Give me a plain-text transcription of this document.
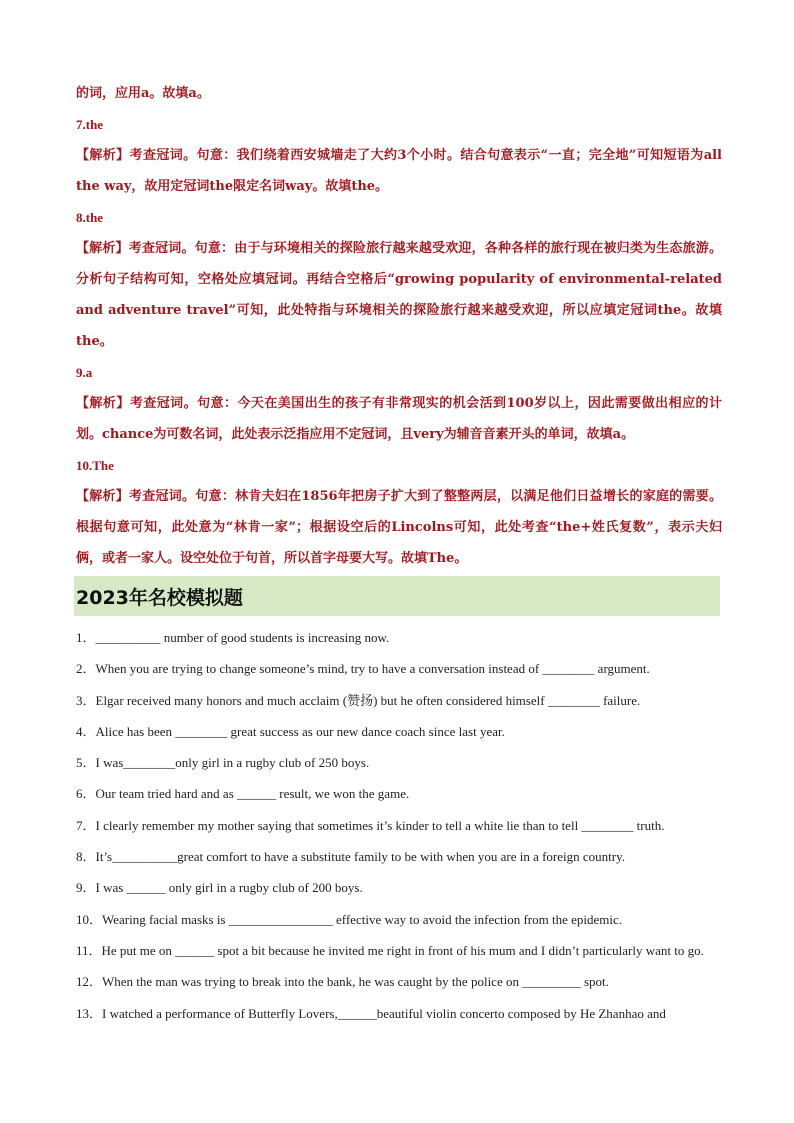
的词，应用a。故填a。

7.the

【解析】考查冠词。句意：我们绕着西安城墙走了大约3个小时。结合句意表示“一直；完全地”可知短语为all the way，故用定冠词the限定名词way。故填the。

8.the

【解析】考查冠词。句意：由于与环境相关的探险旅行越来越受欢迎，各种各样的旅行现在被归类为生态旅游。分析句子结构可知，空格处应填冠词。再结合空格后“growing popularity of environmental-related and adventure travel”可知，此处特指与环境相关的探险旅行越来越受欢迎，所以应填定冠词the。故填the。

9.a

【解析】考查冠词。句意：今天在美国出生的孩子有非常现实的机会活到100岁以上，因此需要做出相应的计划。chance为可数名词，此处表示泛指应用不定冠词，且very为辅音音素开头的单词，故填a。

10.The

【解析】考查冠词。句意：林肯夫妇在1856年把房子扩大到了整整两层，以满足他们日益增长的家庭的需要。根据句意可知，此处意为“林肯一家”；根据设空后的Lincolns可知，此处考查“the+姓氏复数”，表示夫妇俩，或者一家人。设空处位于句首，所以首字母要大写。故填The。

2023年名校模拟题

1．__________ number of good students is increasing now.

2．When you are trying to change someone’s mind, try to have a conversation instead of ________ argument.

3．Elgar received many honors and much acclaim (赞扬) but he often considered himself ________ failure.

4．Alice has been ________ great success as our new dance coach since last year.

5．I was________only girl in a rugby club of 250 boys.

6．Our team tried hard and as ______ result, we won the game.

7．I clearly remember my mother saying that sometimes it’s kinder to tell a white lie than to tell ________ truth.

8．It’s__________great comfort to have a substitute family to be with when you are in a foreign country.

9．I was ______ only girl in a rugby club of 200 boys.

10．Wearing facial masks is ________________ effective way to avoid the infection from the epidemic.

11．He put me on ______ spot a bit because he invited me right in front of his mum and I didn’t particularly want to go.

12．When the man was trying to break into the bank, he was caught by the police on _________ spot.

13．I watched a performance of Butterfly Lovers,______beautiful violin concerto composed by He Zhanhao and
